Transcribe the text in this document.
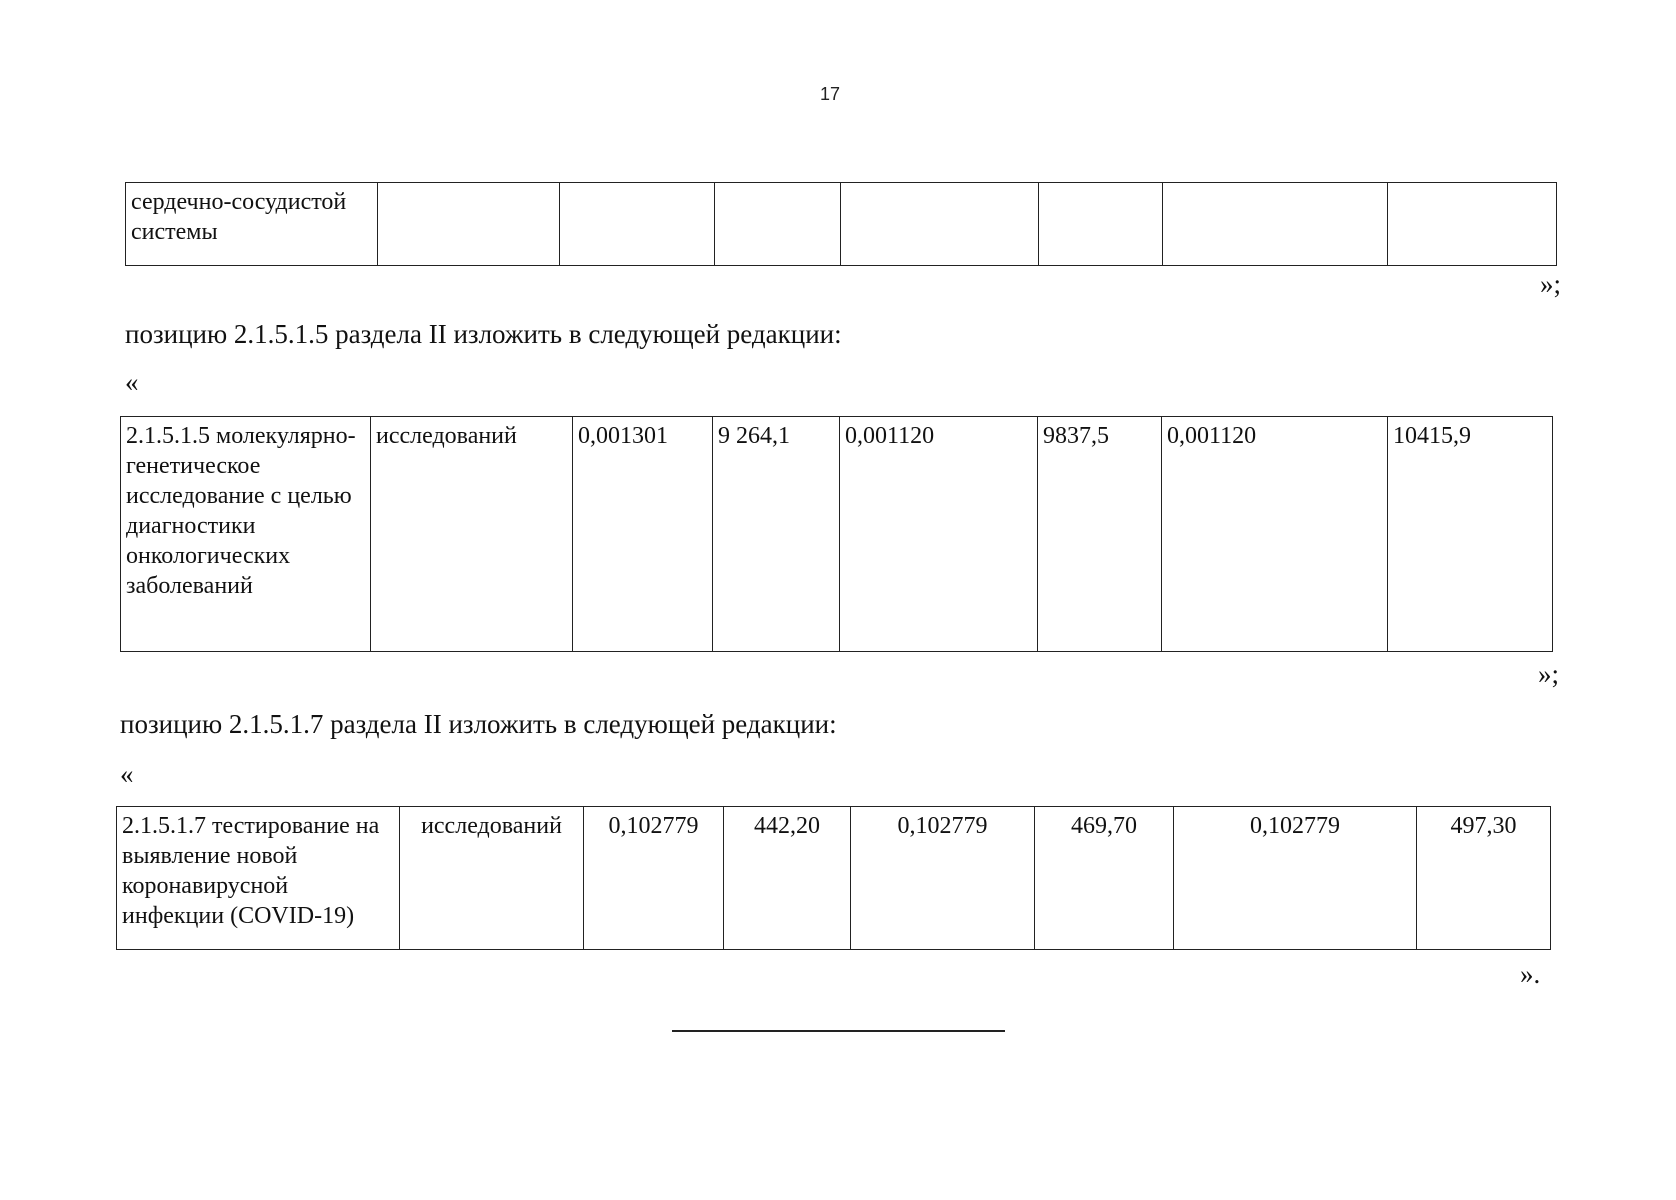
17
сердечно-сосудистой системы							
»;
позицию 2.1.5.1.5 раздела II изложить в следующей редакции:
«
2.1.5.1.5 молекулярно-генетическое исследование с целью диагностики онкологических заболеваний	исследований	0,001301	9 264,1	0,001120	9837,5	0,001120	10415,9
»;
позицию 2.1.5.1.7 раздела II изложить в следующей редакции:
«
2.1.5.1.7 тестирование на выявление новой коронавирусной инфекции (COVID-19)	исследований	0,102779	442,20	0,102779	469,70	0,102779	497,30
».
